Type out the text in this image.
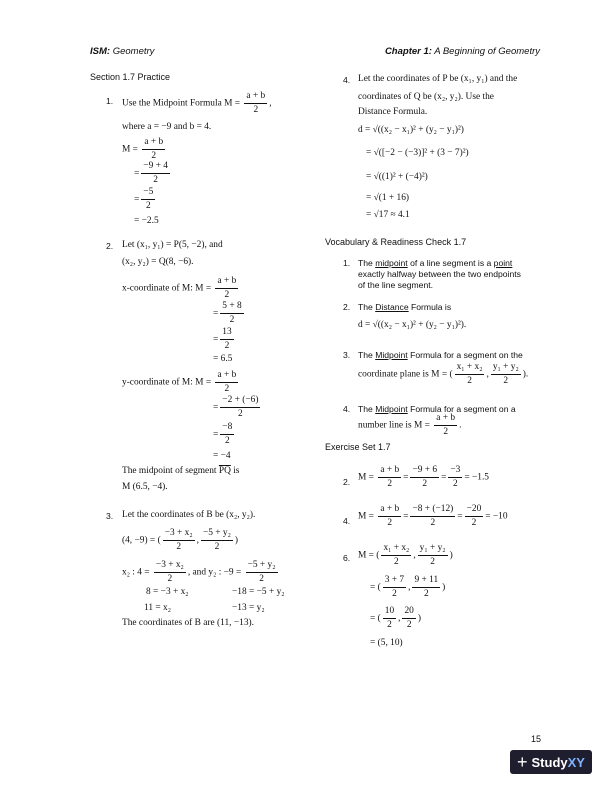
ISM: Geometry	Chapter 1: A Beginning of Geometry
Section 1.7 Practice
1. Use the Midpoint Formula $M = \frac{a + b}{2}$ ,
where a = −9 and b = 4.
$M = \frac{a + b}{2}$
= $\frac{-9 + 4}{2}$
= $\frac{-5}{2}$
= −2.5
2. Let (x₁, y₁) = P(5, −2), and
(x₂, y₂) = Q(8, −6).
x-coordinate of M: $M = \frac{a + b}{2}$
= $\frac{5 + 8}{2}$
= $\frac{13}{2}$
= 6.5
y-coordinate of M: $M = \frac{a + b}{2}$
= $\frac{-2 + (-6)}{2}$
= $\frac{-8}{2}$
= −4
The midpoint of segment $\overline{PQ}$ is
M (6.5, −4).
3. Let the coordinates of B be (x₂, y₂).
(4, −9) = ( $\frac{\text{−3 + x₂}}{2}$ , $\frac{\text{−5 + y₂}}{2}$ )
x₂ : $4 = \frac{\text{−3 + x₂}}{2}$ , and y₂ : $-9 = \frac{\text{−5 + y₂}}{2}$
8 = −3 + x₂	−18 = −5 + y₂
11 = x₂	−13 = y₂
The coordinates of B are (11, −13).
4. Let the coordinates of P be (x₁, y₁) and the
coordinates of Q be (x₂, y₂). Use the
Distance Formula.
d = √((x₂ − x₁)² + (y₂ − y₁)²)
= √([−2 − (−3)]² + (3 − 7)²)
= √((1)² + (−4)²)
= √(1 + 16)
= √17 ≈ 4.1
Vocabulary & Readiness Check 1.7
1. The midpoint of a line segment is a point
exactly halfway between the two endpoints
of the line segment.
2. The Distance Formula is
d = √((x₂ − x₁)² + (y₂ − y₁)²).
3. The Midpoint Formula for a segment on the
coordinate plane is M = ( $\frac{\text{x₁ + x₂}}{2}$ , $\frac{\text{y₁ + y₂}}{2}$ ).
4. The Midpoint Formula for a segment on a
number line is $M = \frac{a + b}{2}$ .
Exercise Set 1.7
2. $M = \frac{a + b}{2} = \frac{-9 + 6}{2} = \frac{-3}{2} = -1.5$
4. $M = \frac{a + b}{2} = \frac{-8 + (-12)}{2} = \frac{-20}{2} = -10$
6. M = ( $\frac{\text{x₁ + x₂}}{2}$ , $\frac{\text{y₁ + y₂}}{2}$ )
= ( $\frac{3 + 7}{2}$ , $\frac{9 + 11}{2}$ )
= ( $\frac{10}{2}$ , $\frac{20}{2}$ )
= (5, 10)
15
+ StudyXY
